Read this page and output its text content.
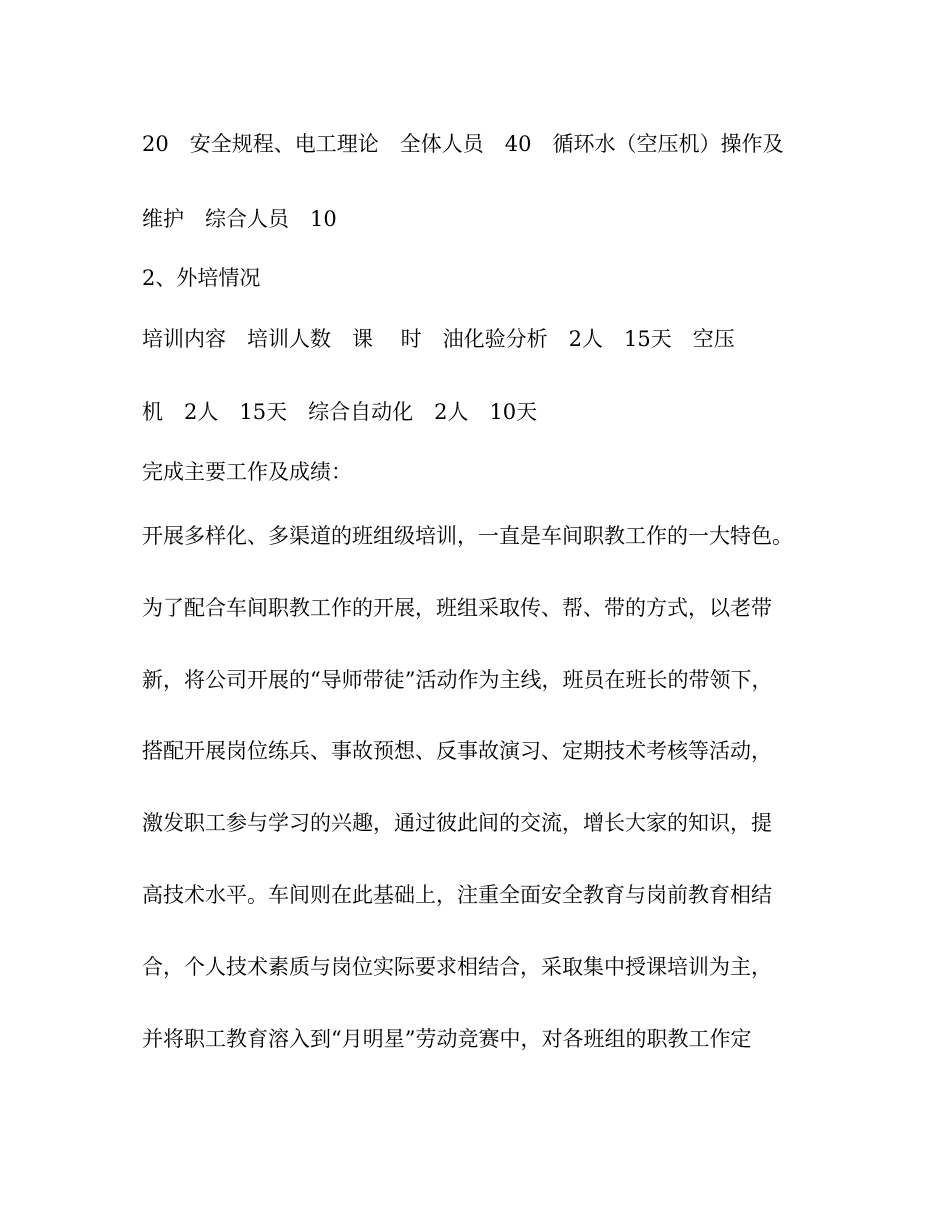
20　安全规程、电工理论　全体人员　40　循环水（空压机）操作及

维护　综合人员　10

2、外培情况

培训内容　培训人数　课　 时　油化验分析　2人　15天　空压

机　2人　15天　综合自动化　2人　10天

完成主要工作及成绩：

开展多样化、多渠道的班组级培训，一直是车间职教工作的一大特色。

为了配合车间职教工作的开展，班组采取传、帮、带的方式，以老带

新，将公司开展的“导师带徒”活动作为主线，班员在班长的带领下，

搭配开展岗位练兵、事故预想、反事故演习、定期技术考核等活动，

激发职工参与学习的兴趣，通过彼此间的交流，增长大家的知识，提

高技术水平。车间则在此基础上，注重全面安全教育与岗前教育相结

合，个人技术素质与岗位实际要求相结合，采取集中授课培训为主，

并将职工教育溶入到“月明星”劳动竞赛中，对各班组的职教工作定
